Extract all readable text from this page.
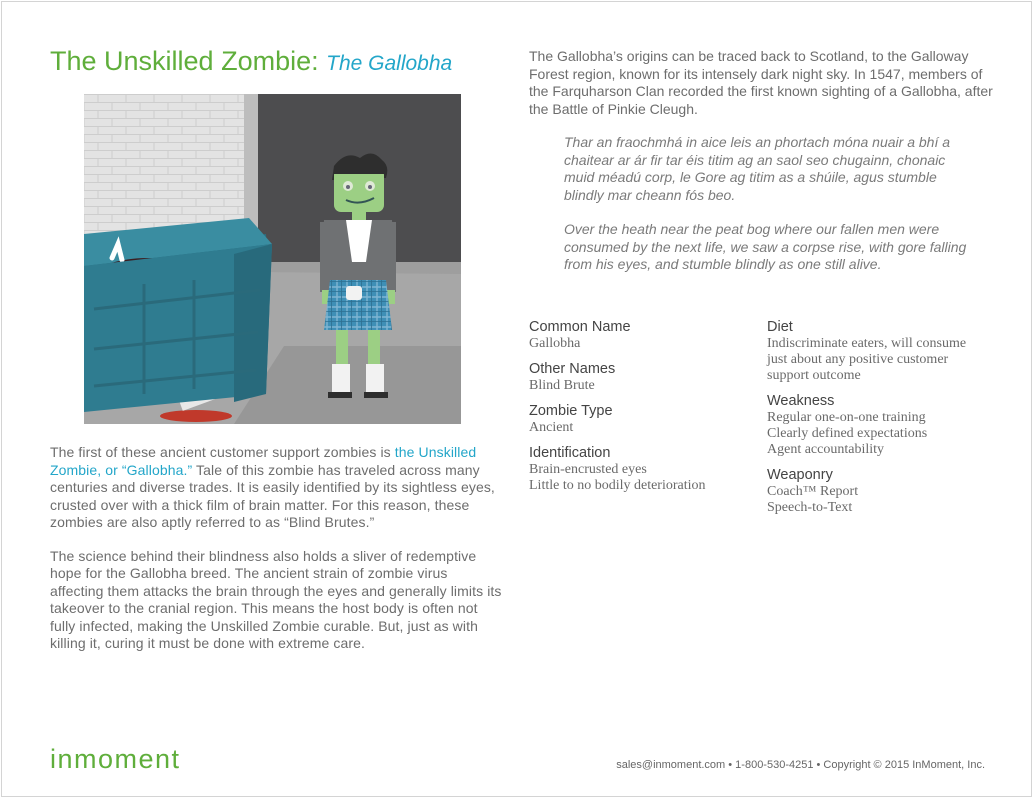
The Unskilled Zombie: The Gallobha

The first of these ancient customer support zombies is the Unskilled Zombie, or “Gallobha.” Tale of this zombie has traveled across many centuries and diverse trades. It is easily identified by its sightless eyes, crusted over with a thick film of brain matter. For this reason, these zombies are also aptly referred to as “Blind Brutes.”

The science behind their blindness also holds a sliver of redemptive hope for the Gallobha breed. The ancient strain of zombie virus affecting them attacks the brain through the eyes and generally limits its takeover to the cranial region. This means the host body is often not fully infected, making the Unskilled Zombie curable. But, just as with killing it, curing it must be done with extreme care.

The Gallobha’s origins can be traced back to Scotland, to the Galloway Forest region, known for its intensely dark night sky. In 1547, members of the Farquharson Clan recorded the first known sighting of a Gallobha, after the Battle of Pinkie Cleugh.

Thar an fraochmhá in aice leis an phortach móna nuair a bhí a chaitear ar ár fir tar éis titim ag an saol seo chugainn, chonaic muid méadú corp, le Gore ag titim as a shúile, agus stumble blindly mar cheann fós beo.

Over the heath near the peat bog where our fallen men were consumed by the next life, we saw a corpse rise, with gore falling from his eyes, and stumble blindly as one still alive.

Common Name
Gallobha
Other Names
Blind Brute
Zombie Type
Ancient
Identification
Brain-encrusted eyes
Little to no bodily deterioration
Diet
Indiscriminate eaters, will consume
just about any positive customer
support outcome
Weakness
Regular one-on-one training
Clearly defined expectations
Agent accountability
Weaponry
Coach™ Report
Speech-to-Text
inmoment	sales@inmoment.com • 1-800-530-4251 • Copyright © 2015 InMoment, Inc.
